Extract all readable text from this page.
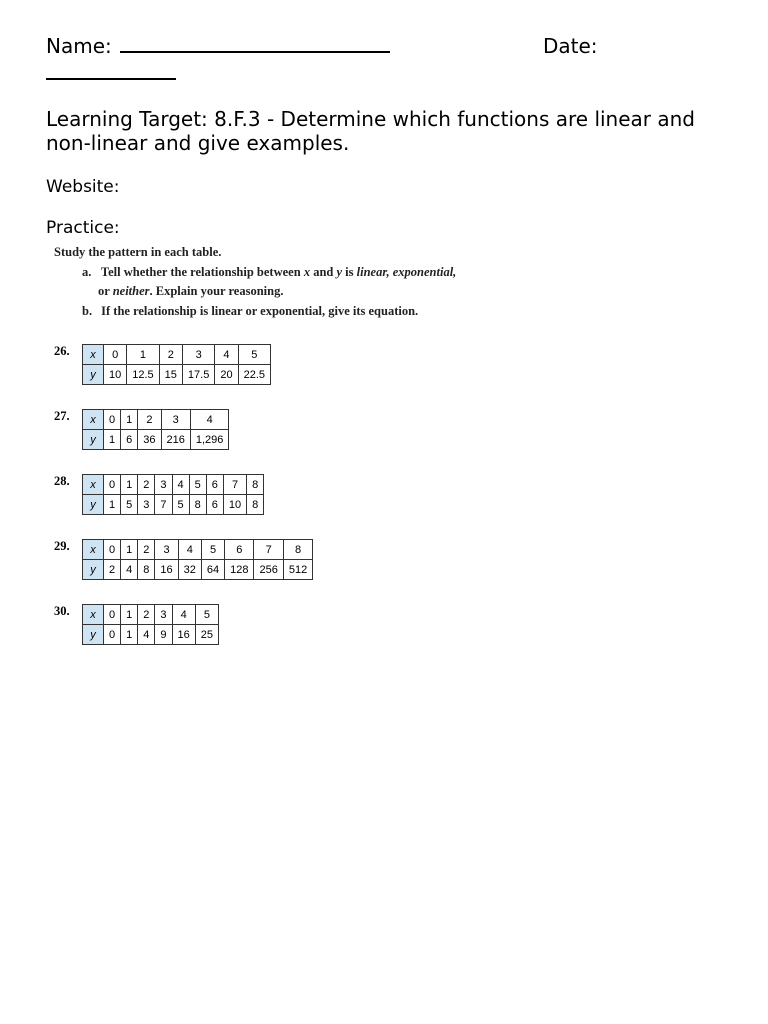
Name:	Date:
Learning Target: 8.F.3 - Determine which functions are linear and non-linear and give examples.
Website:
Practice:
Study the pattern in each table.
a. Tell whether the relationship between x and y is linear, exponential,
or neither. Explain your reasoning.
b. If the relationship is linear or exponential, give its equation.
26. x	0	1	2	3	4	5
y	10	12.5	15	17.5	20	22.5
27. x	0	1	2	3	4
y	1	6	36	216	1,296
28. x	0	1	2	3	4	5	6	7	8
y	1	5	3	7	5	8	6	10	8
29. x	0	1	2	3	4	5	6	7	8
y	2	4	8	16	32	64	128	256	512
30. x	0	1	2	3	4	5
y	0	1	4	9	16	25
